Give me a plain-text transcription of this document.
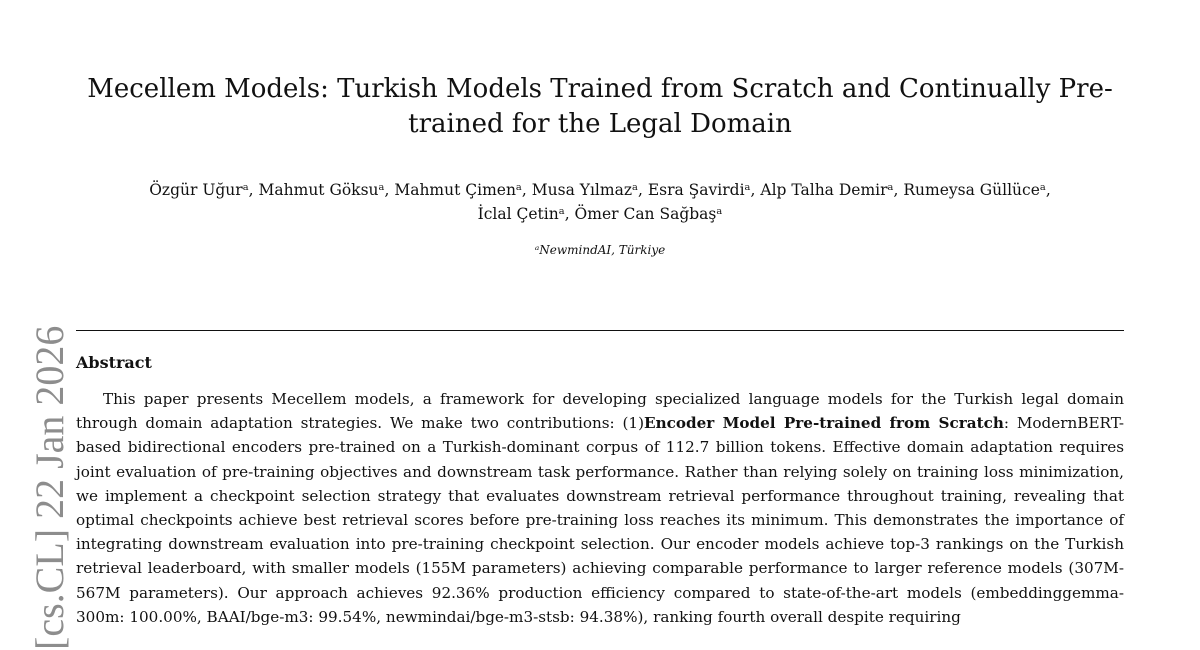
Mecellem Models: Turkish Models Trained from Scratch and Continually Pre-trained for the Legal Domain
Özgür Uğurᵃ, Mahmut Göksuᵃ, Mahmut Çimenᵃ, Musa Yılmazᵃ, Esra Şavirdiᵃ, Alp Talha Demirᵃ, Rumeysa Güllüceᵃ,
İclal Çetinᵃ, Ömer Can Sağbaşᵃ
ᵃNewmindAI, Türkiye
Abstract

This paper presents Mecellem models, a framework for developing specialized language models for the Turkish legal domain through domain adaptation strategies. We make two contributions: (1)Encoder Model Pre-trained from Scratch: ModernBERT-based bidirectional encoders pre-trained on a Turkish-dominant corpus of 112.7 billion tokens. Effective domain adaptation requires joint evaluation of pre-training objectives and downstream task performance. Rather than relying solely on training loss minimization, we implement a checkpoint selection strategy that evaluates downstream retrieval performance throughout training, revealing that optimal checkpoints achieve best retrieval scores before pre-training loss reaches its minimum. This demonstrates the importance of integrating downstream evaluation into pre-training checkpoint selection. Our encoder models achieve top-3 rankings on the Turkish retrieval leaderboard, with smaller models (155M parameters) achieving comparable performance to larger reference models (307M-567M parameters). Our approach achieves 92.36% production efficiency compared to state-of-the-art models (embeddinggemma-300m: 100.00%, BAAI/bge-m3: 99.54%, newmindai/bge-m3-stsb: 94.38%), ranking fourth overall despite requiring

[cs.CL] 22 Jan 2026
